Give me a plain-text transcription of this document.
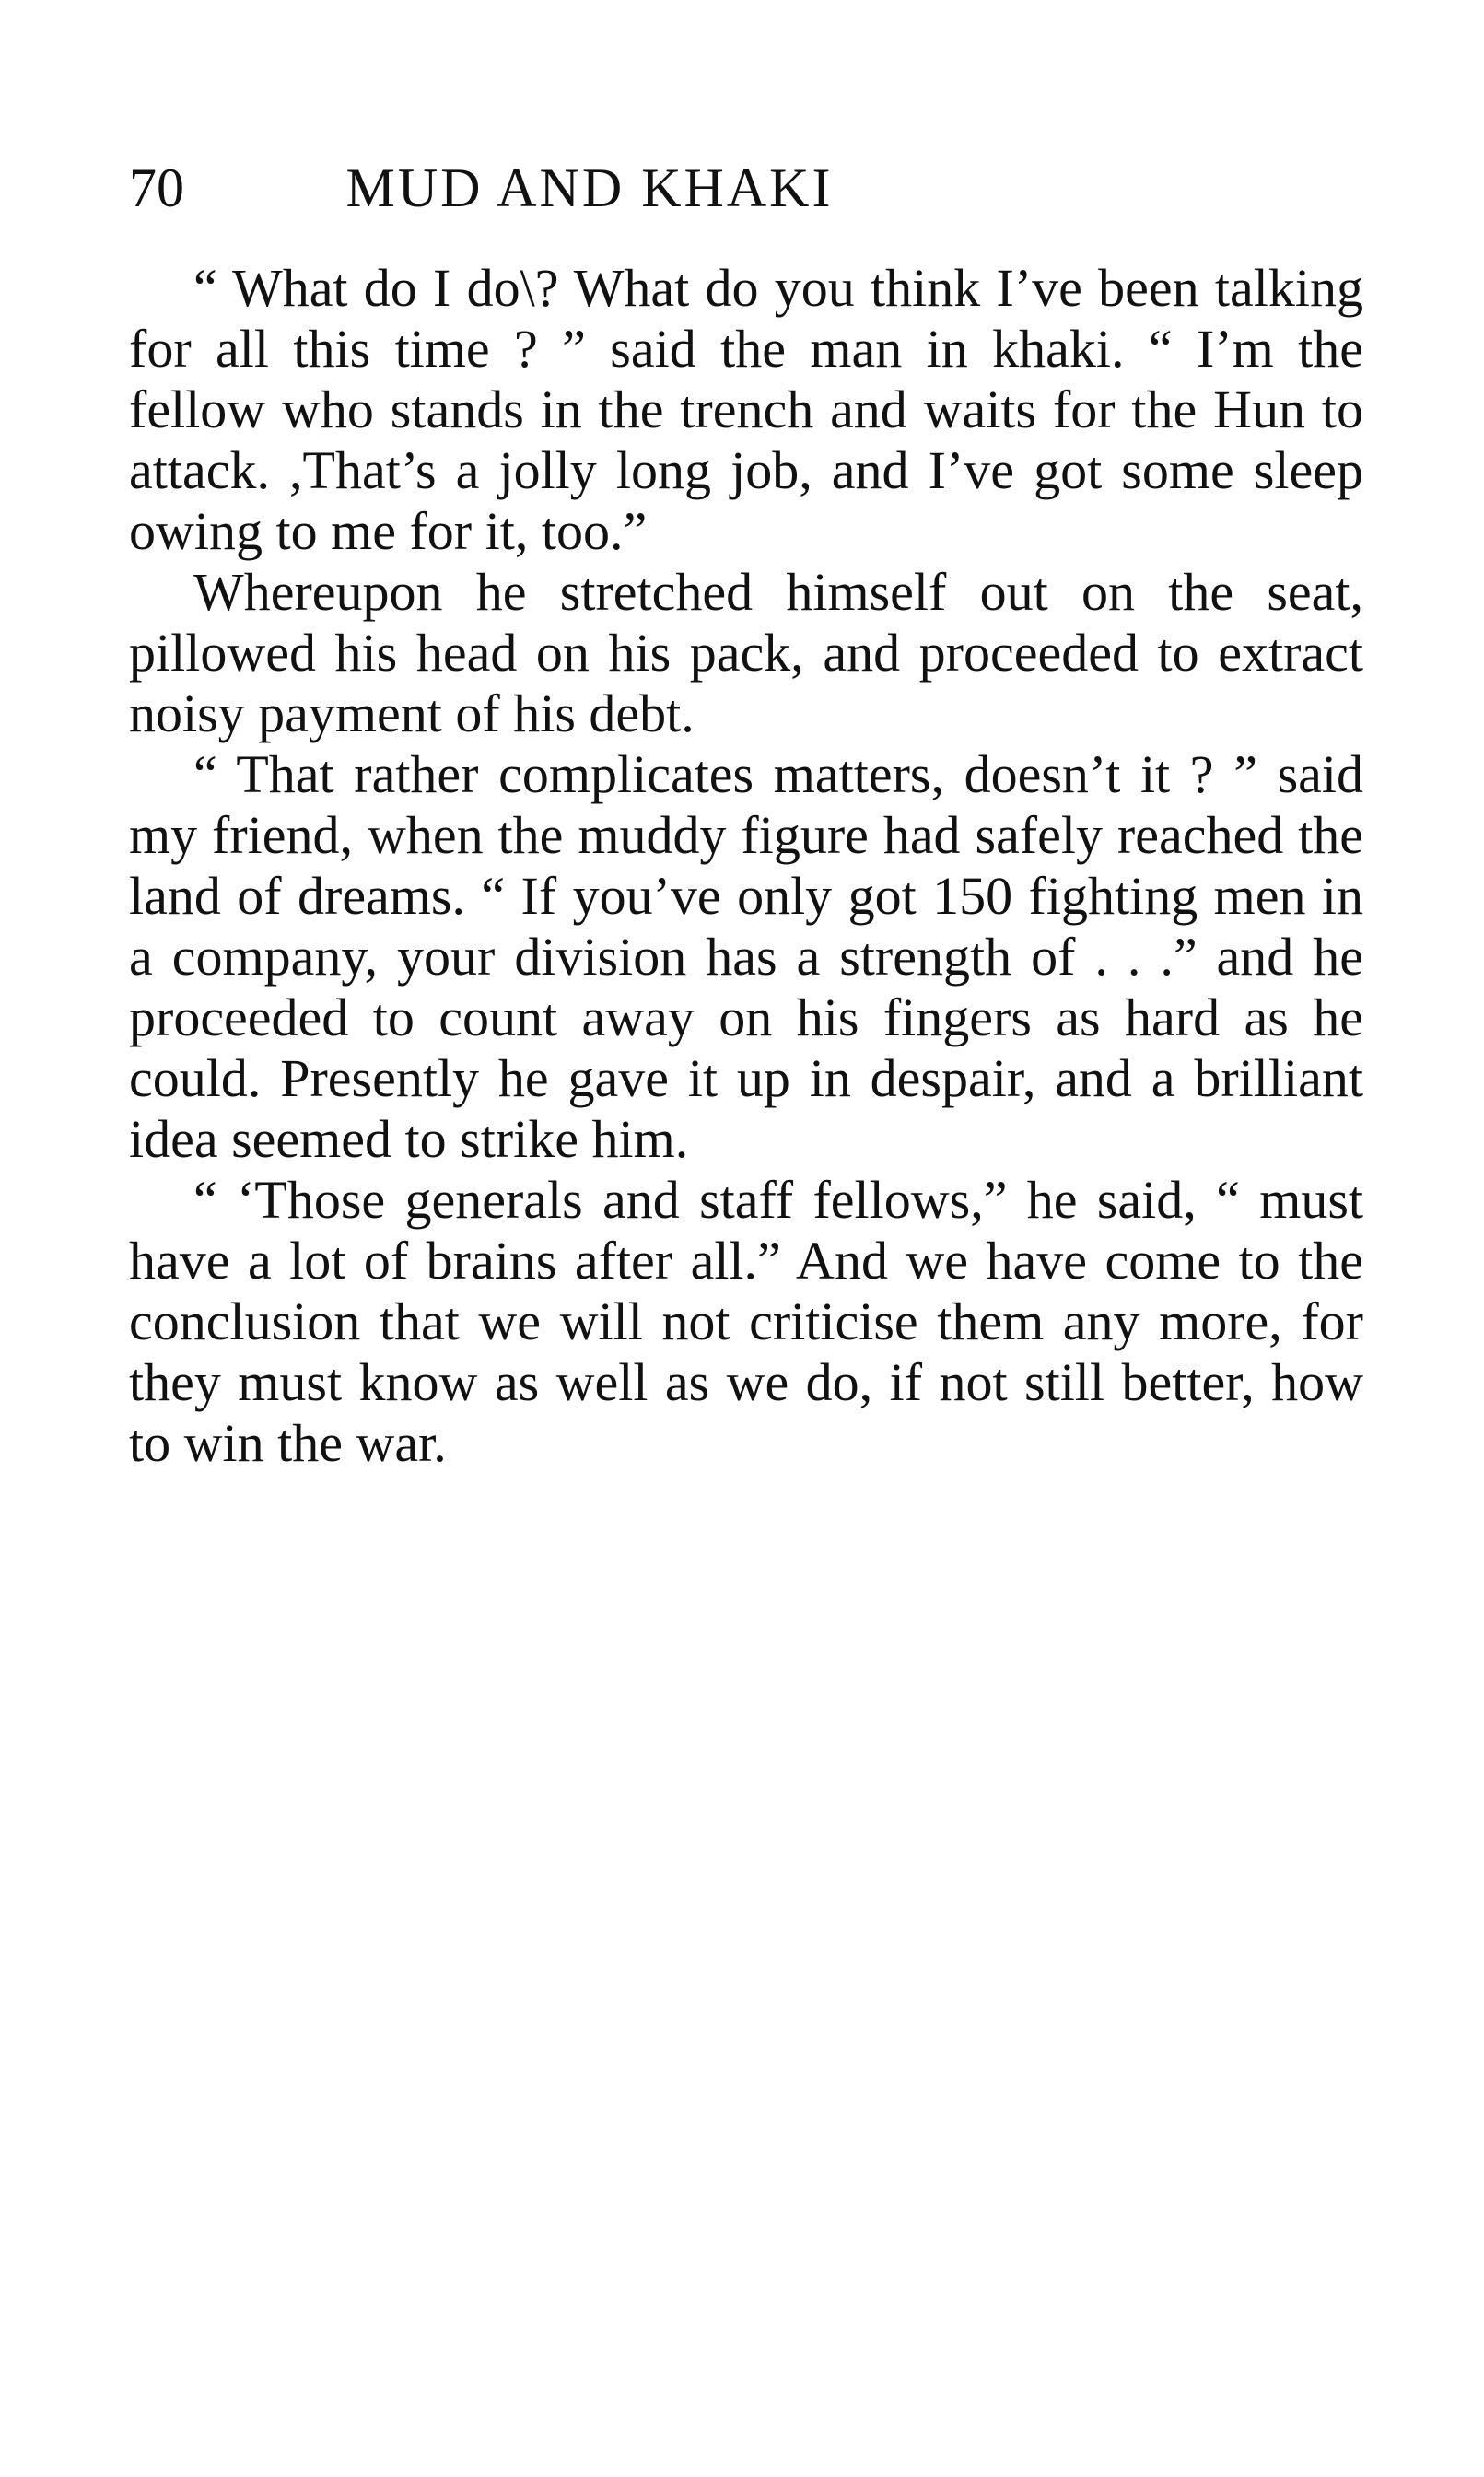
70	MUD AND KHAKI

“ What do I do\? What do you think I’ve been talking for all this time ? ” said the man in khaki. “ I’m the fellow who stands in the trench and waits for the Hun to attack. ,That’s a jolly long job, and I’ve got some sleep owing to me for it, too.”

Whereupon he stretched himself out on the seat, pillowed his head on his pack, and proceeded to extract noisy payment of his debt.

“ That rather complicates matters, doesn’t it ? ” said my friend, when the muddy figure had safely reached the land of dreams. “ If you’ve only got 150 fighting men in a company, your division has a strength of . . .” and he proceeded to count away on his fingers as hard as he could. Presently he gave it up in despair, and a brilliant idea seemed to strike him.

“ ‘Those generals and staff fellows,” he said, “ must have a lot of brains after all.” And we have come to the conclusion that we will not criticise them any more, for they must know as well as we do, if not still better, how to win the war.
